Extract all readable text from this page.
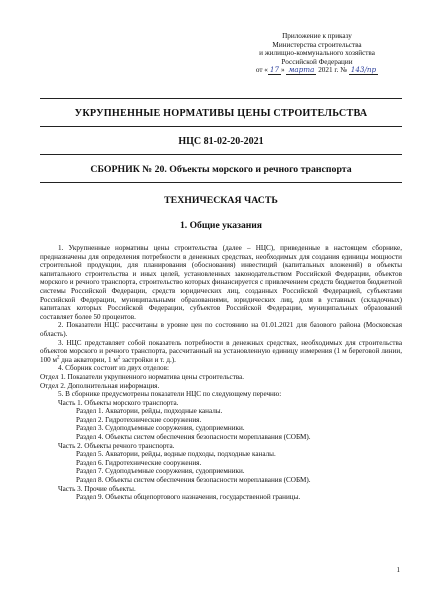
Приложение к приказу
Министерства строительства
и жилищно-коммунального хозяйства
Российской Федерации
от « 17 » марта 2021 г. № 143/пр
УКРУПНЕННЫЕ НОРМАТИВЫ ЦЕНЫ СТРОИТЕЛЬСТВА
НЦС 81-02-20-2021
СБОРНИК № 20. Объекты морского и речного транспорта
ТЕХНИЧЕСКАЯ ЧАСТЬ
1. Общие указания

1. Укрупненные нормативы цены строительства (далее – НЦС), приведенные в настоящем сборнике, предназначены для определения потребности в денежных средствах, необходимых для создания единицы мощности строительной продукции, для планирования (обоснования) инвестиций (капитальных вложений) в объекты капитального строительства и иных целей, установленных законодательством Российской Федерации, объектов морского и речного транспорта, строительство которых финансируется с привлечением средств бюджетов бюджетной системы Российской Федерации, средств юридических лиц, созданных Российской Федерацией, субъектами Российской Федерации, муниципальными образованиями, юридических лиц, доля в уставных (складочных) капиталах которых Российской Федерации, субъектов Российской Федерации, муниципальных образований составляет более 50 процентов.

2. Показатели НЦС рассчитаны в уровне цен по состоянию на 01.01.2021 для базового района (Московская область).

3. НЦС представляет собой показатель потребности в денежных средствах, необходимых для строительства объектов морского и речного транспорта, рассчитанный на установленную единицу измерения (1 м береговой линии, 100 $м^2$ дна акватории, 1 $м^2$ застройки и т. д.).

4. Сборник состоит из двух отделов:

Отдел 1. Показатели укрупненного норматива цены строительства.

Отдел 2. Дополнительная информация.

5. В сборнике предусмотрены показатели НЦС по следующему перечню:

Часть 1. Объекты морского транспорта.

Раздел 1. Акватории, рейды, подходные каналы.

Раздел 2. Гидротехнические сооружения.

Раздел 3. Судоподъемные сооружения, судоприемники.

Раздел 4. Объекты систем обеспечения безопасности мореплавания (СОБМ).

Часть 2. Объекты речного транспорта.

Раздел 5. Акватории, рейды, водные подходы, подходные каналы.

Раздел 6. Гидротехнические сооружения.

Раздел 7. Судоподъемные сооружения, судоприемники.

Раздел 8. Объекты систем обеспечения безопасности мореплавания (СОБМ).

Часть 3. Прочие объекты.

Раздел 9. Объекты общепортового назначения, государственной границы.

1
